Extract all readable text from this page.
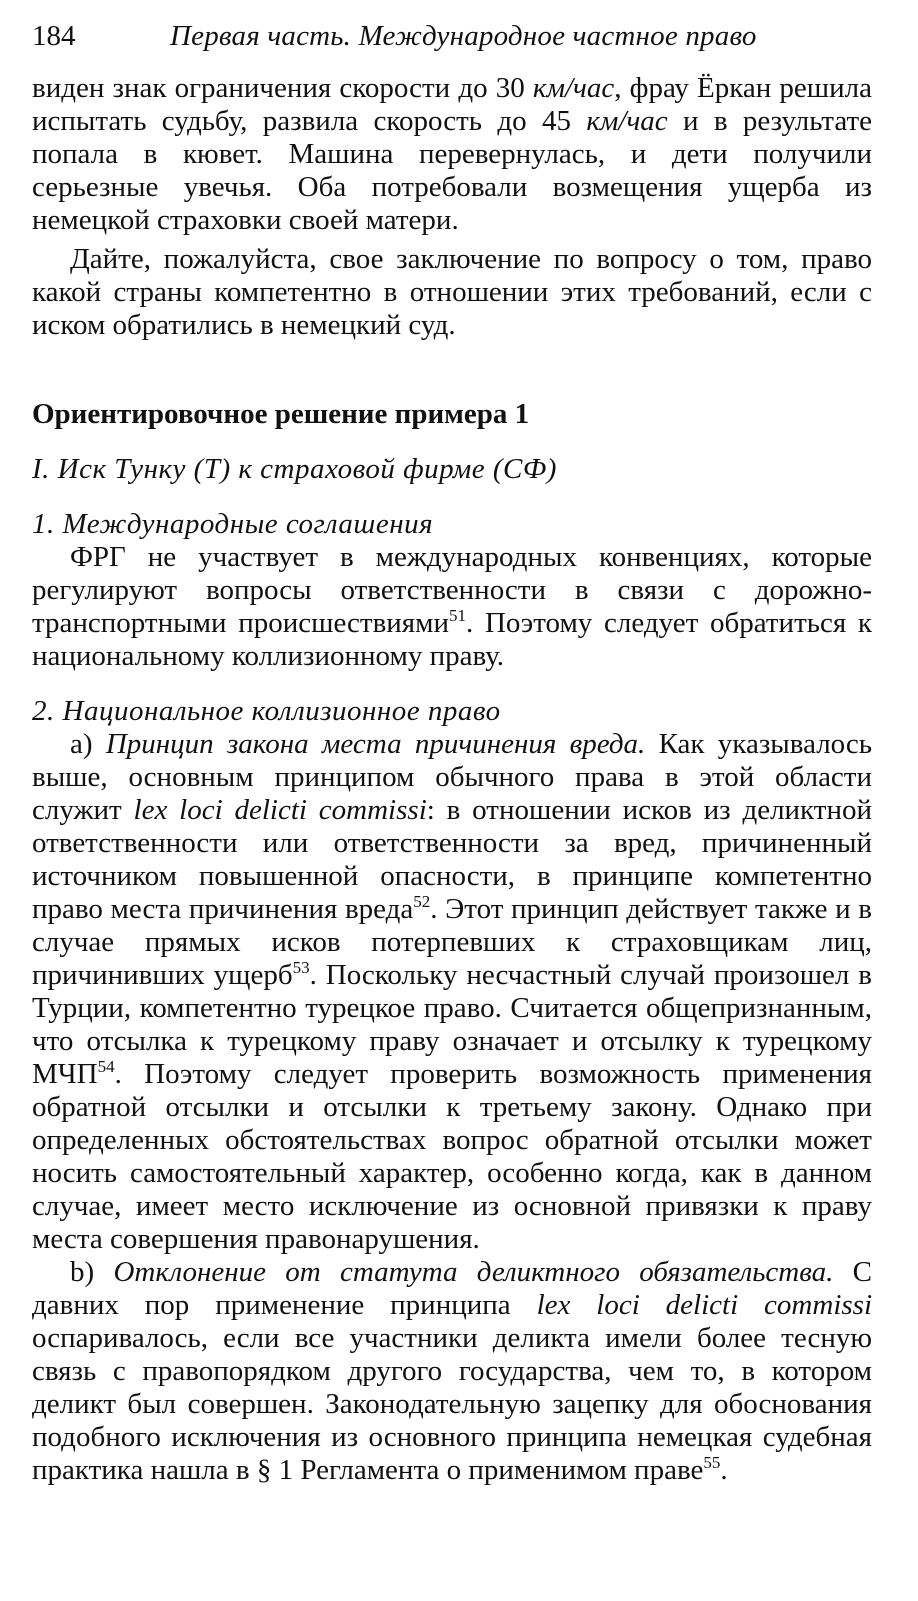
184	Первая часть. Международное частное право

виден знак ограничения скорости до 30 км/час, фрау Ёркан решила испытать судьбу, развила скорость до 45 км/час и в результате попала в кювет. Машина перевернулась, и дети получили серьезные увечья. Оба потребовали возмещения ущерба из немецкой страховки своей матери.

Дайте, пожалуйста, свое заключение по вопросу о том, право какой страны компетентно в отношении этих требований, если с иском обратились в немецкий суд.

Ориентировочное решение примера 1

I. Иск Тунку (Т) к страховой фирме (СФ)

1. Международные соглашения

ФРГ не участвует в международных конвенциях, которые регулируют вопросы ответственности в связи с дорожно-транспортными происшествиями$^{51}$. Поэтому следует обратиться к национальному коллизионному праву.

2. Национальное коллизионное право

a) Принцип закона места причинения вреда. Как указывалось выше, основным принципом обычного права в этой области служит lex loci delicti commissi: в отношении исков из деликтной ответственности или ответственности за вред, причиненный источником повышенной опасности, в принципе компетентно право места причинения вреда$^{52}$. Этот принцип действует также и в случае прямых исков потерпевших к страховщикам лиц, причинивших ущерб$^{53}$. Поскольку несчастный случай произошел в Турции, компетентно турецкое право. Считается общепризнанным, что отсылка к турецкому праву означает и отсылку к турецкому МЧП$^{54}$. Поэтому следует проверить возможность применения обратной отсылки и отсылки к третьему закону. Однако при определенных обстоятельствах вопрос обратной отсылки может носить самостоятельный характер, особенно когда, как в данном случае, имеет место исключение из основной привязки к праву места совершения правонарушения.

b) Отклонение от статута деликтного обязательства. С давних пор применение принципа lex loci delicti commissi оспаривалось, если все участники деликта имели более тесную связь с правопорядком другого государства, чем то, в котором деликт был совершен. Законодательную зацепку для обоснования подобного исключения из основного принципа немецкая судебная практика нашла в § 1 Регламента о применимом праве$^{55}$.
